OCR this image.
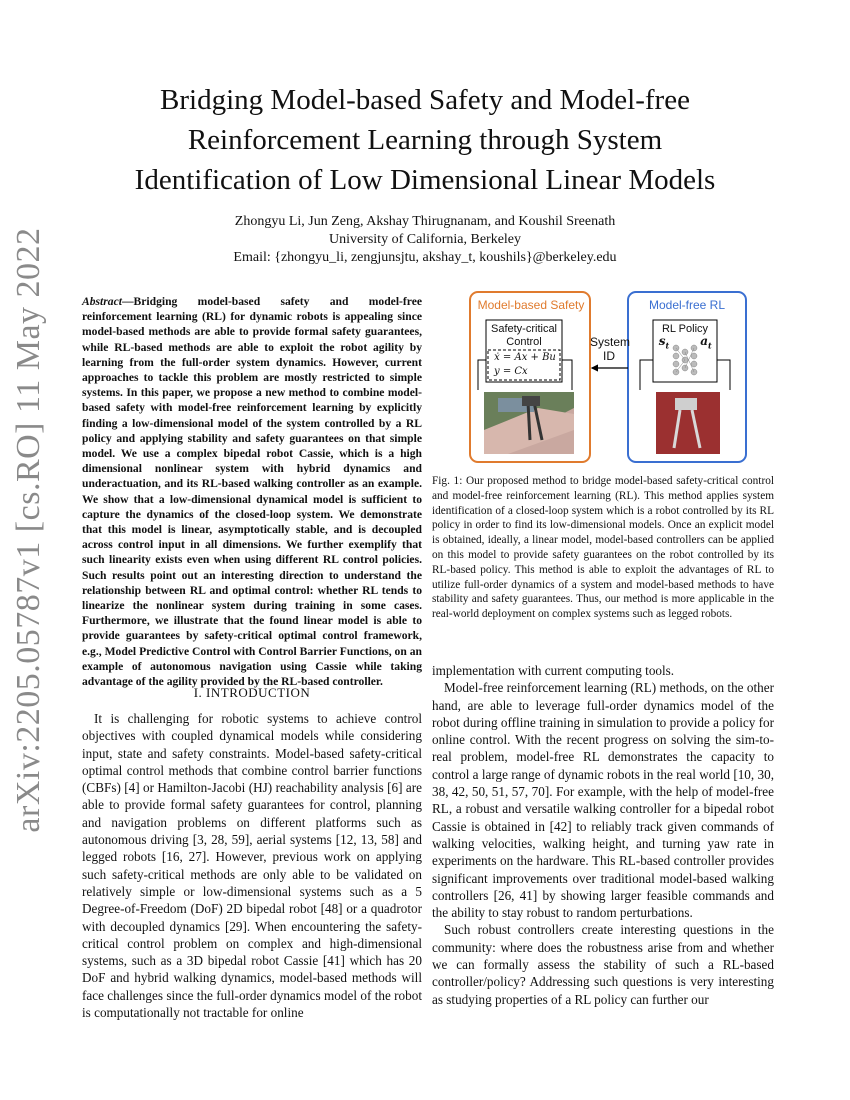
arXiv:2205.05787v1 [cs.RO] 11 May 2022
Bridging Model-based Safety and Model-free
Reinforcement Learning through System
Identification of Low Dimensional Linear Models
Zhongyu Li, Jun Zeng, Akshay Thirugnanam, and Koushil Sreenath
University of California, Berkeley
Email: {zhongyu_li, zengjunsjtu, akshay_t, koushils}@berkeley.edu
Abstract—Bridging model-based safety and model-free reinforcement learning (RL) for dynamic robots is appealing since model-based methods are able to provide formal safety guarantees, while RL-based methods are able to exploit the robot agility by learning from the full-order system dynamics. However, current approaches to tackle this problem are mostly restricted to simple systems. In this paper, we propose a new method to combine model-based safety with model-free reinforcement learning by explicitly finding a low-dimensional model of the system controlled by a RL policy and applying stability and safety guarantees on that simple model. We use a complex bipedal robot Cassie, which is a high dimensional nonlinear system with hybrid dynamics and underactuation, and its RL-based walking controller as an example. We show that a low-dimensional dynamical model is sufficient to capture the dynamics of the closed-loop system. We demonstrate that this model is linear, asymptotically stable, and is decoupled across control input in all dimensions. We further exemplify that such linearity exists even when using different RL control policies. Such results point out an interesting direction to understand the relationship between RL and optimal control: whether RL tends to linearize the nonlinear system during training in some cases. Furthermore, we illustrate that the found linear model is able to provide guarantees by safety-critical optimal control framework, e.g., Model Predictive Control with Control Barrier Functions, on an example of autonomous navigation using Cassie while taking advantage of the agility provided by the RL-based controller.
I. INTRODUCTION
It is challenging for robotic systems to achieve control objectives with coupled dynamical models while considering input, state and safety constraints. Model-based safety-critical optimal control methods that combine control barrier functions (CBFs) [4] or Hamilton-Jacobi (HJ) reachability analysis [6] are able to provide formal safety guarantees for control, planning and navigation problems on different platforms such as autonomous driving [3, 28, 59], aerial systems [12, 13, 58] and legged robots [16, 27]. However, previous work on applying such safety-critical methods are only able to be validated on relatively simple or low-dimensional systems such as a 5 Degree-of-Freedom (DoF) 2D bipedal robot [48] or a quadrotor with decoupled dynamics [29]. When encountering the safety-critical control problem on complex and high-dimensional systems, such as a 3D bipedal robot Cassie [41] which has 20 DoF and hybrid walking dynamics, model-based methods will face challenges since the full-order dynamics model of the robot is computationally not tractable for online
Model-based Safety	Model-free RL
Safety-critical
Control
ẋ = Ax + Bu
y = Cx
System
ID
RL Policy
$s_t$	$a_t$
Fig. 1: Our proposed method to bridge model-based safety-critical control and model-free reinforcement learning (RL). This method applies system identification of a closed-loop system which is a robot controlled by its RL policy in order to find its low-dimensional models. Once an explicit model is obtained, ideally, a linear model, model-based controllers can be applied on this model to provide safety guarantees on the robot controlled by its RL-based policy. This method is able to exploit the advantages of RL to utilize full-order dynamics of a system and model-based methods to have stability and safety guarantees. Thus, our method is more applicable in the real-world deployment on complex systems such as legged robots.
implementation with current computing tools.
Model-free reinforcement learning (RL) methods, on the other hand, are able to leverage full-order dynamics model of the robot during offline training in simulation to provide a policy for online control. With the recent progress on solving the sim-to-real problem, model-free RL demonstrates the capacity to control a large range of dynamic robots in the real world [10, 30, 38, 42, 50, 51, 57, 70]. For example, with the help of model-free RL, a robust and versatile walking controller for a bipedal robot Cassie is obtained in [42] to reliably track given commands of walking velocities, walking height, and turning yaw rate in experiments on the hardware. This RL-based controller provides significant improvements over traditional model-based walking controllers [26, 41] by showing larger feasible commands and the ability to stay robust to random perturbations.
Such robust controllers create interesting questions in the community: where does the robustness arise from and whether we can formally assess the stability of such a RL-based controller/policy? Addressing such questions is very interesting as studying properties of a RL policy can further our
